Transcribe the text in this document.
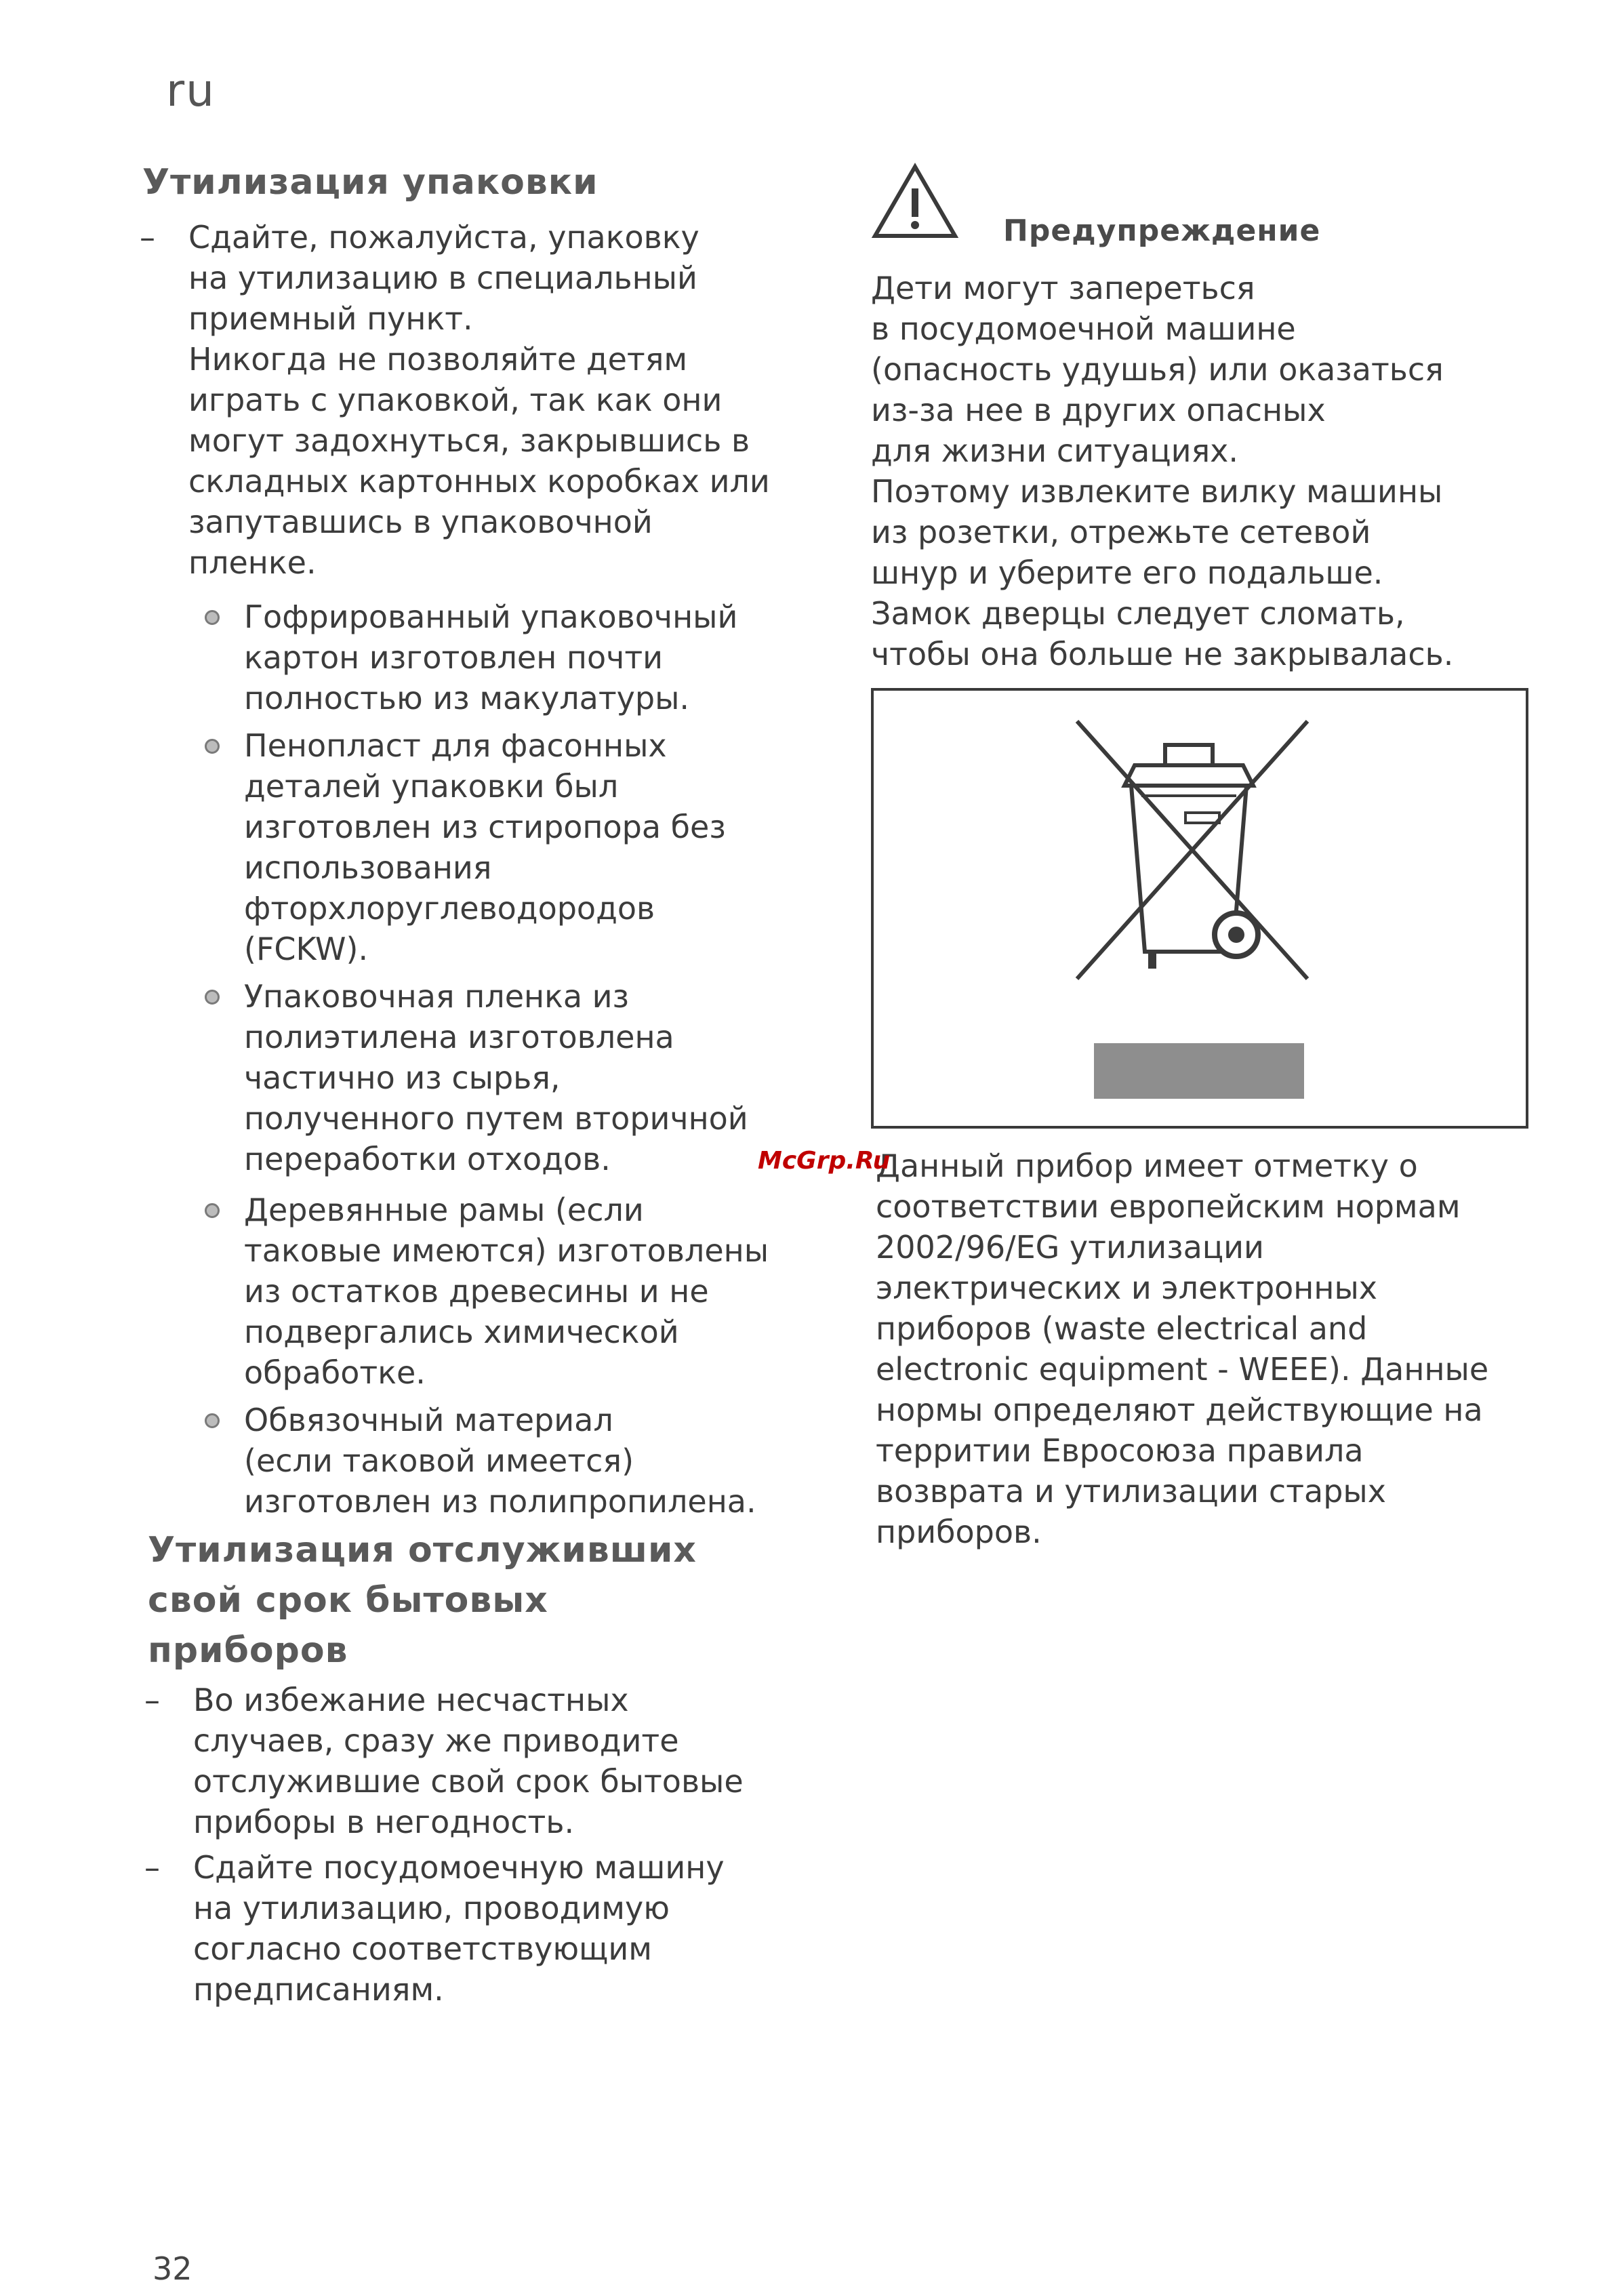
ru
Утилизация упаковки
– Сдайте, пожалуйста, упаковку
на утилизацию в специальный
приемный пункт.
Никогда не позволяйте детям
играть с упаковкой, так как они
могут задохнуться, закрывшись в
складных картонных коробках или
запутавшись в упаковочной
пленке.
Гофрированный упаковочный
картон изготовлен почти
полностью из макулатуры.
Пенопласт для фасонных
деталей упаковки был
изготовлен из стиропора без
использования
фторхлоруглеводородов
(FCKW).
Упаковочная пленка из
полиэтилена изготовлена
частично из сырья,
полученного путем вторичной
переработки отходов.
Деревянные рамы (если
таковые имеются) изготовлены
из остатков древесины и не
подвергались химической
обработке.
Обвязочный материал
(если таковой имеется)
изготовлен из полипропилена.
Утилизация отслуживших
свой срок бытовых
приборов
– Во избежание несчастных
случаев, сразу же приводите
отслужившие свой срок бытовые
приборы в негодность.
– Сдайте посудомоечную машину
на утилизацию, проводимую
согласно соответствующим
предписаниям.
Предупреждение
Дети могут запереться
в посудомоечной машине
(опасность удушья) или оказаться
из-за нее в других опасных
для жизни ситуациях.
Поэтому извлеките вилку машины
из розетки, отрежьте сетевой
шнур и уберите его подальше.
Замок дверцы следует сломать,
чтобы она больше не закрывалась.
Данный прибор имеет отметку о
соответствии европейским нормам
2002/96/EG утилизации
электрических и электронных
приборов (waste electrical and
electronic equipment - WEEE). Данные
нормы определяют действующие на
территии Евросоюза правила
возврата и утилизации старых
приборов.
McGrp.Ru
32
